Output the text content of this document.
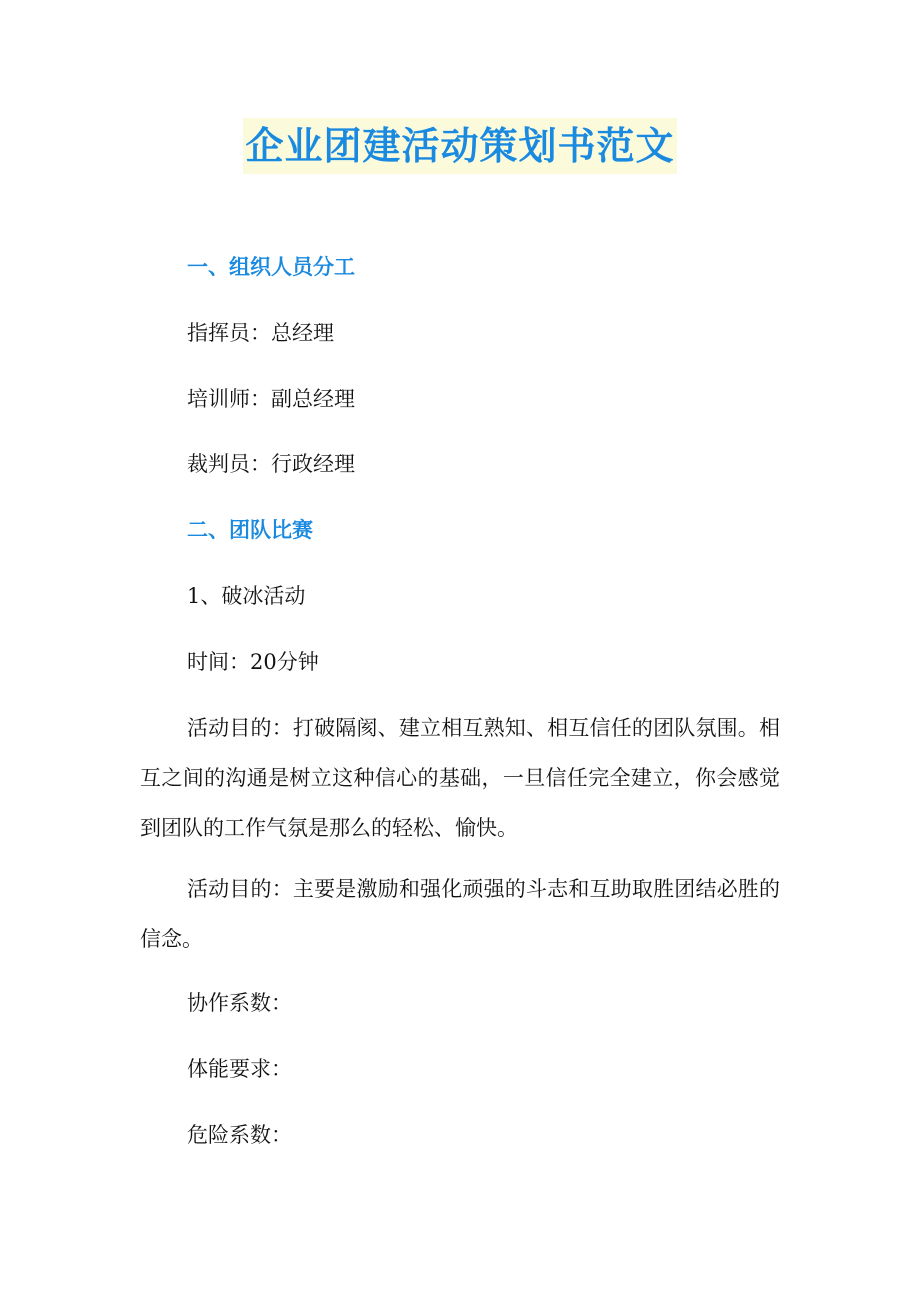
企业团建活动策划书范文
一、组织人员分工
指挥员：总经理
培训师：副总经理
裁判员：行政经理
二、团队比赛
1、破冰活动
时间：20分钟
活动目的：打破隔阂、建立相互熟知、相互信任的团队氛围。相互之间的沟通是树立这种信心的基础，一旦信任完全建立，你会感觉到团队的工作气氛是那么的轻松、愉快。
活动目的：主要是激励和强化顽强的斗志和互助取胜团结必胜的信念。
协作系数：
体能要求：
危险系数：
